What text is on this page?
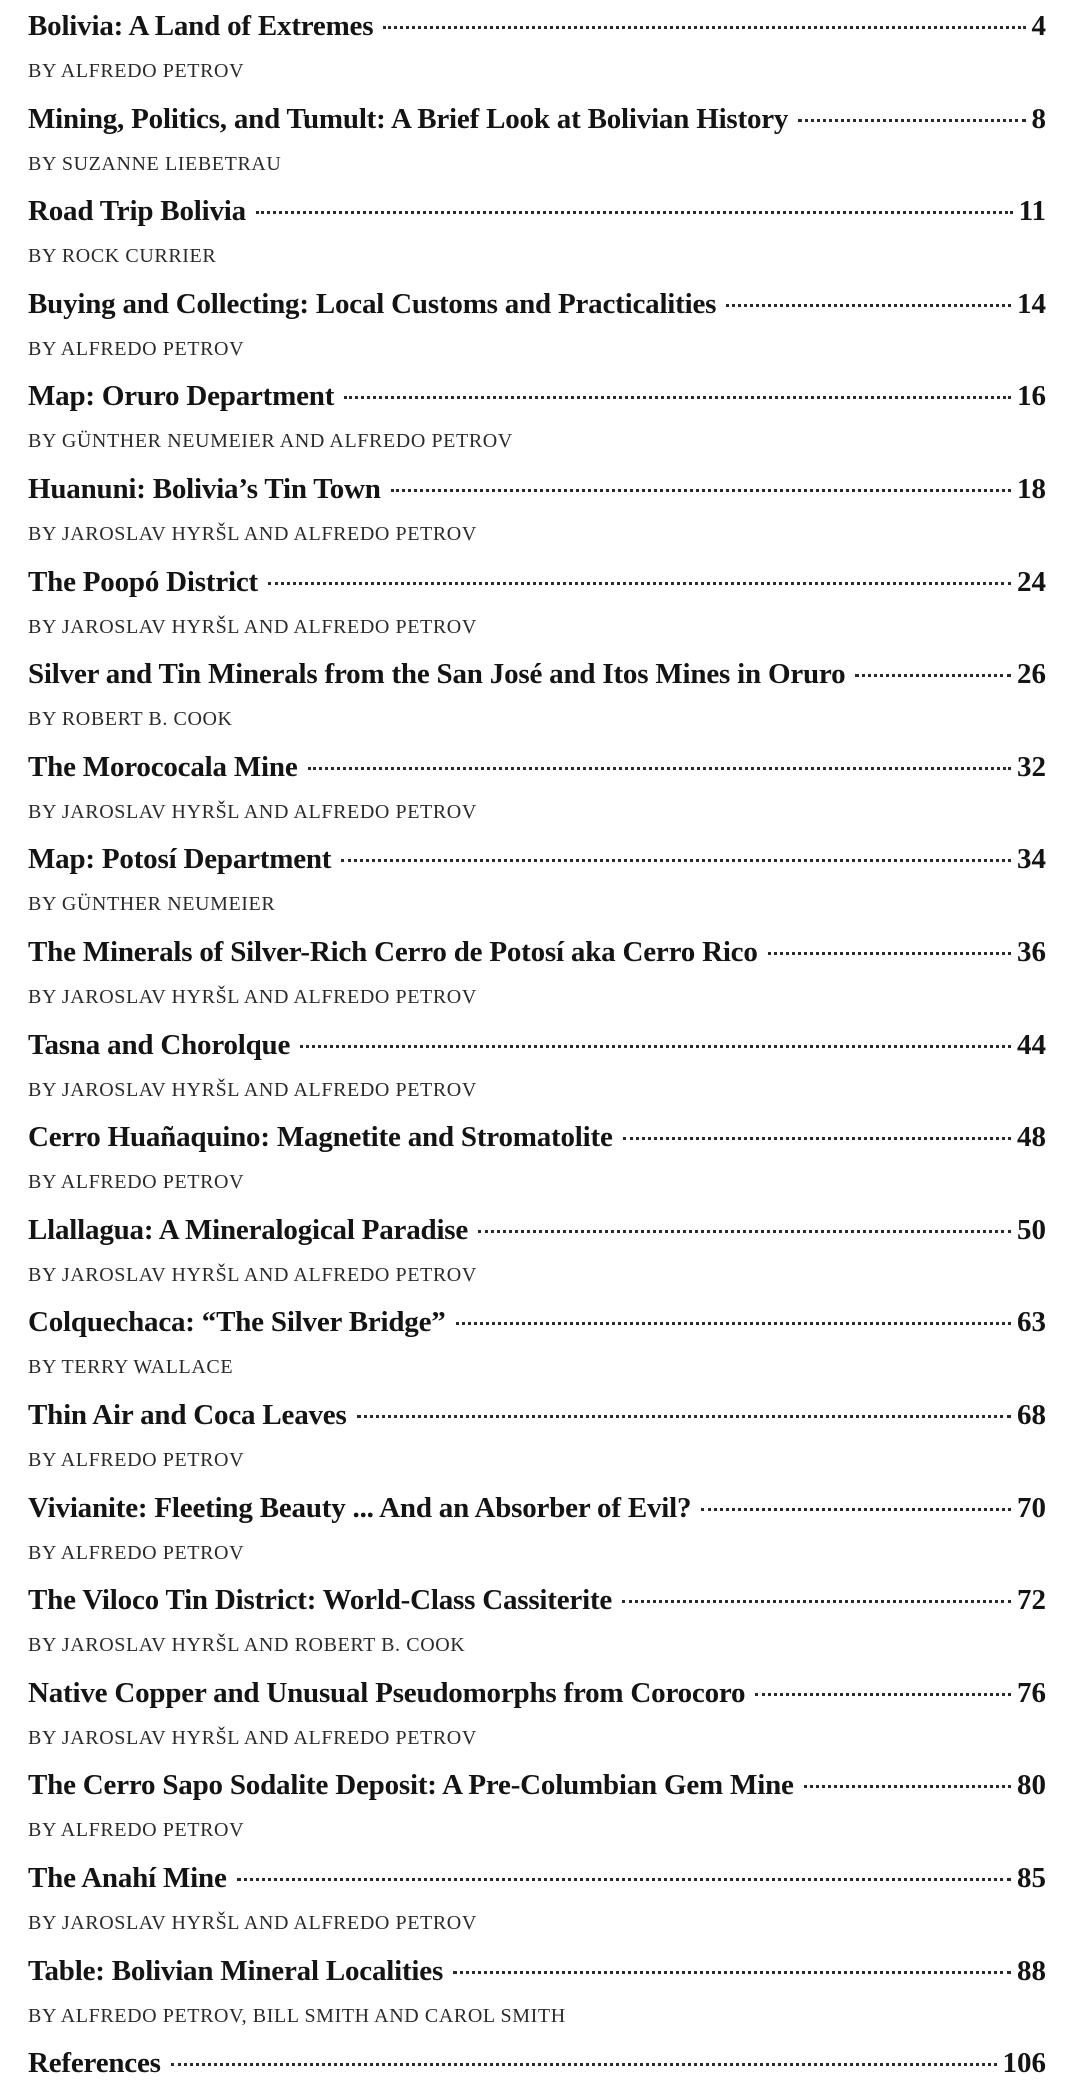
Bolivia: A Land of Extremes	4
BY ALFREDO PETROV
Mining, Politics, and Tumult: A Brief Look at Bolivian History	8
BY SUZANNE LIEBETRAU
Road Trip Bolivia	11
BY ROCK CURRIER
Buying and Collecting: Local Customs and Practicalities	14
BY ALFREDO PETROV
Map: Oruro Department	16
BY GÜNTHER NEUMEIER AND ALFREDO PETROV
Huanuni: Bolivia’s Tin Town	18
BY JAROSLAV HYRŠL AND ALFREDO PETROV
The Poopó District	24
BY JAROSLAV HYRŠL AND ALFREDO PETROV
Silver and Tin Minerals from the San José and Itos Mines in Oruro	26
BY ROBERT B. COOK
The Morococala Mine	32
BY JAROSLAV HYRŠL AND ALFREDO PETROV
Map: Potosí Department	34
BY GÜNTHER NEUMEIER
The Minerals of Silver-Rich Cerro de Potosí aka Cerro Rico	36
BY JAROSLAV HYRŠL AND ALFREDO PETROV
Tasna and Chorolque	44
BY JAROSLAV HYRŠL AND ALFREDO PETROV
Cerro Huañaquino: Magnetite and Stromatolite	48
BY ALFREDO PETROV
Llallagua: A Mineralogical Paradise	50
BY JAROSLAV HYRŠL AND ALFREDO PETROV
Colquechaca: “The Silver Bridge”	63
BY TERRY WALLACE
Thin Air and Coca Leaves	68
BY ALFREDO PETROV
Vivianite: Fleeting Beauty ... And an Absorber of Evil?	70
BY ALFREDO PETROV
The Viloco Tin District: World-Class Cassiterite	72
BY JAROSLAV HYRŠL AND ROBERT B. COOK
Native Copper and Unusual Pseudomorphs from Corocoro	76
BY JAROSLAV HYRŠL AND ALFREDO PETROV
The Cerro Sapo Sodalite Deposit: A Pre-Columbian Gem Mine	80
BY ALFREDO PETROV
The Anahí Mine	85
BY JAROSLAV HYRŠL AND ALFREDO PETROV
Table: Bolivian Mineral Localities	88
BY ALFREDO PETROV, BILL SMITH AND CAROL SMITH
References	106
